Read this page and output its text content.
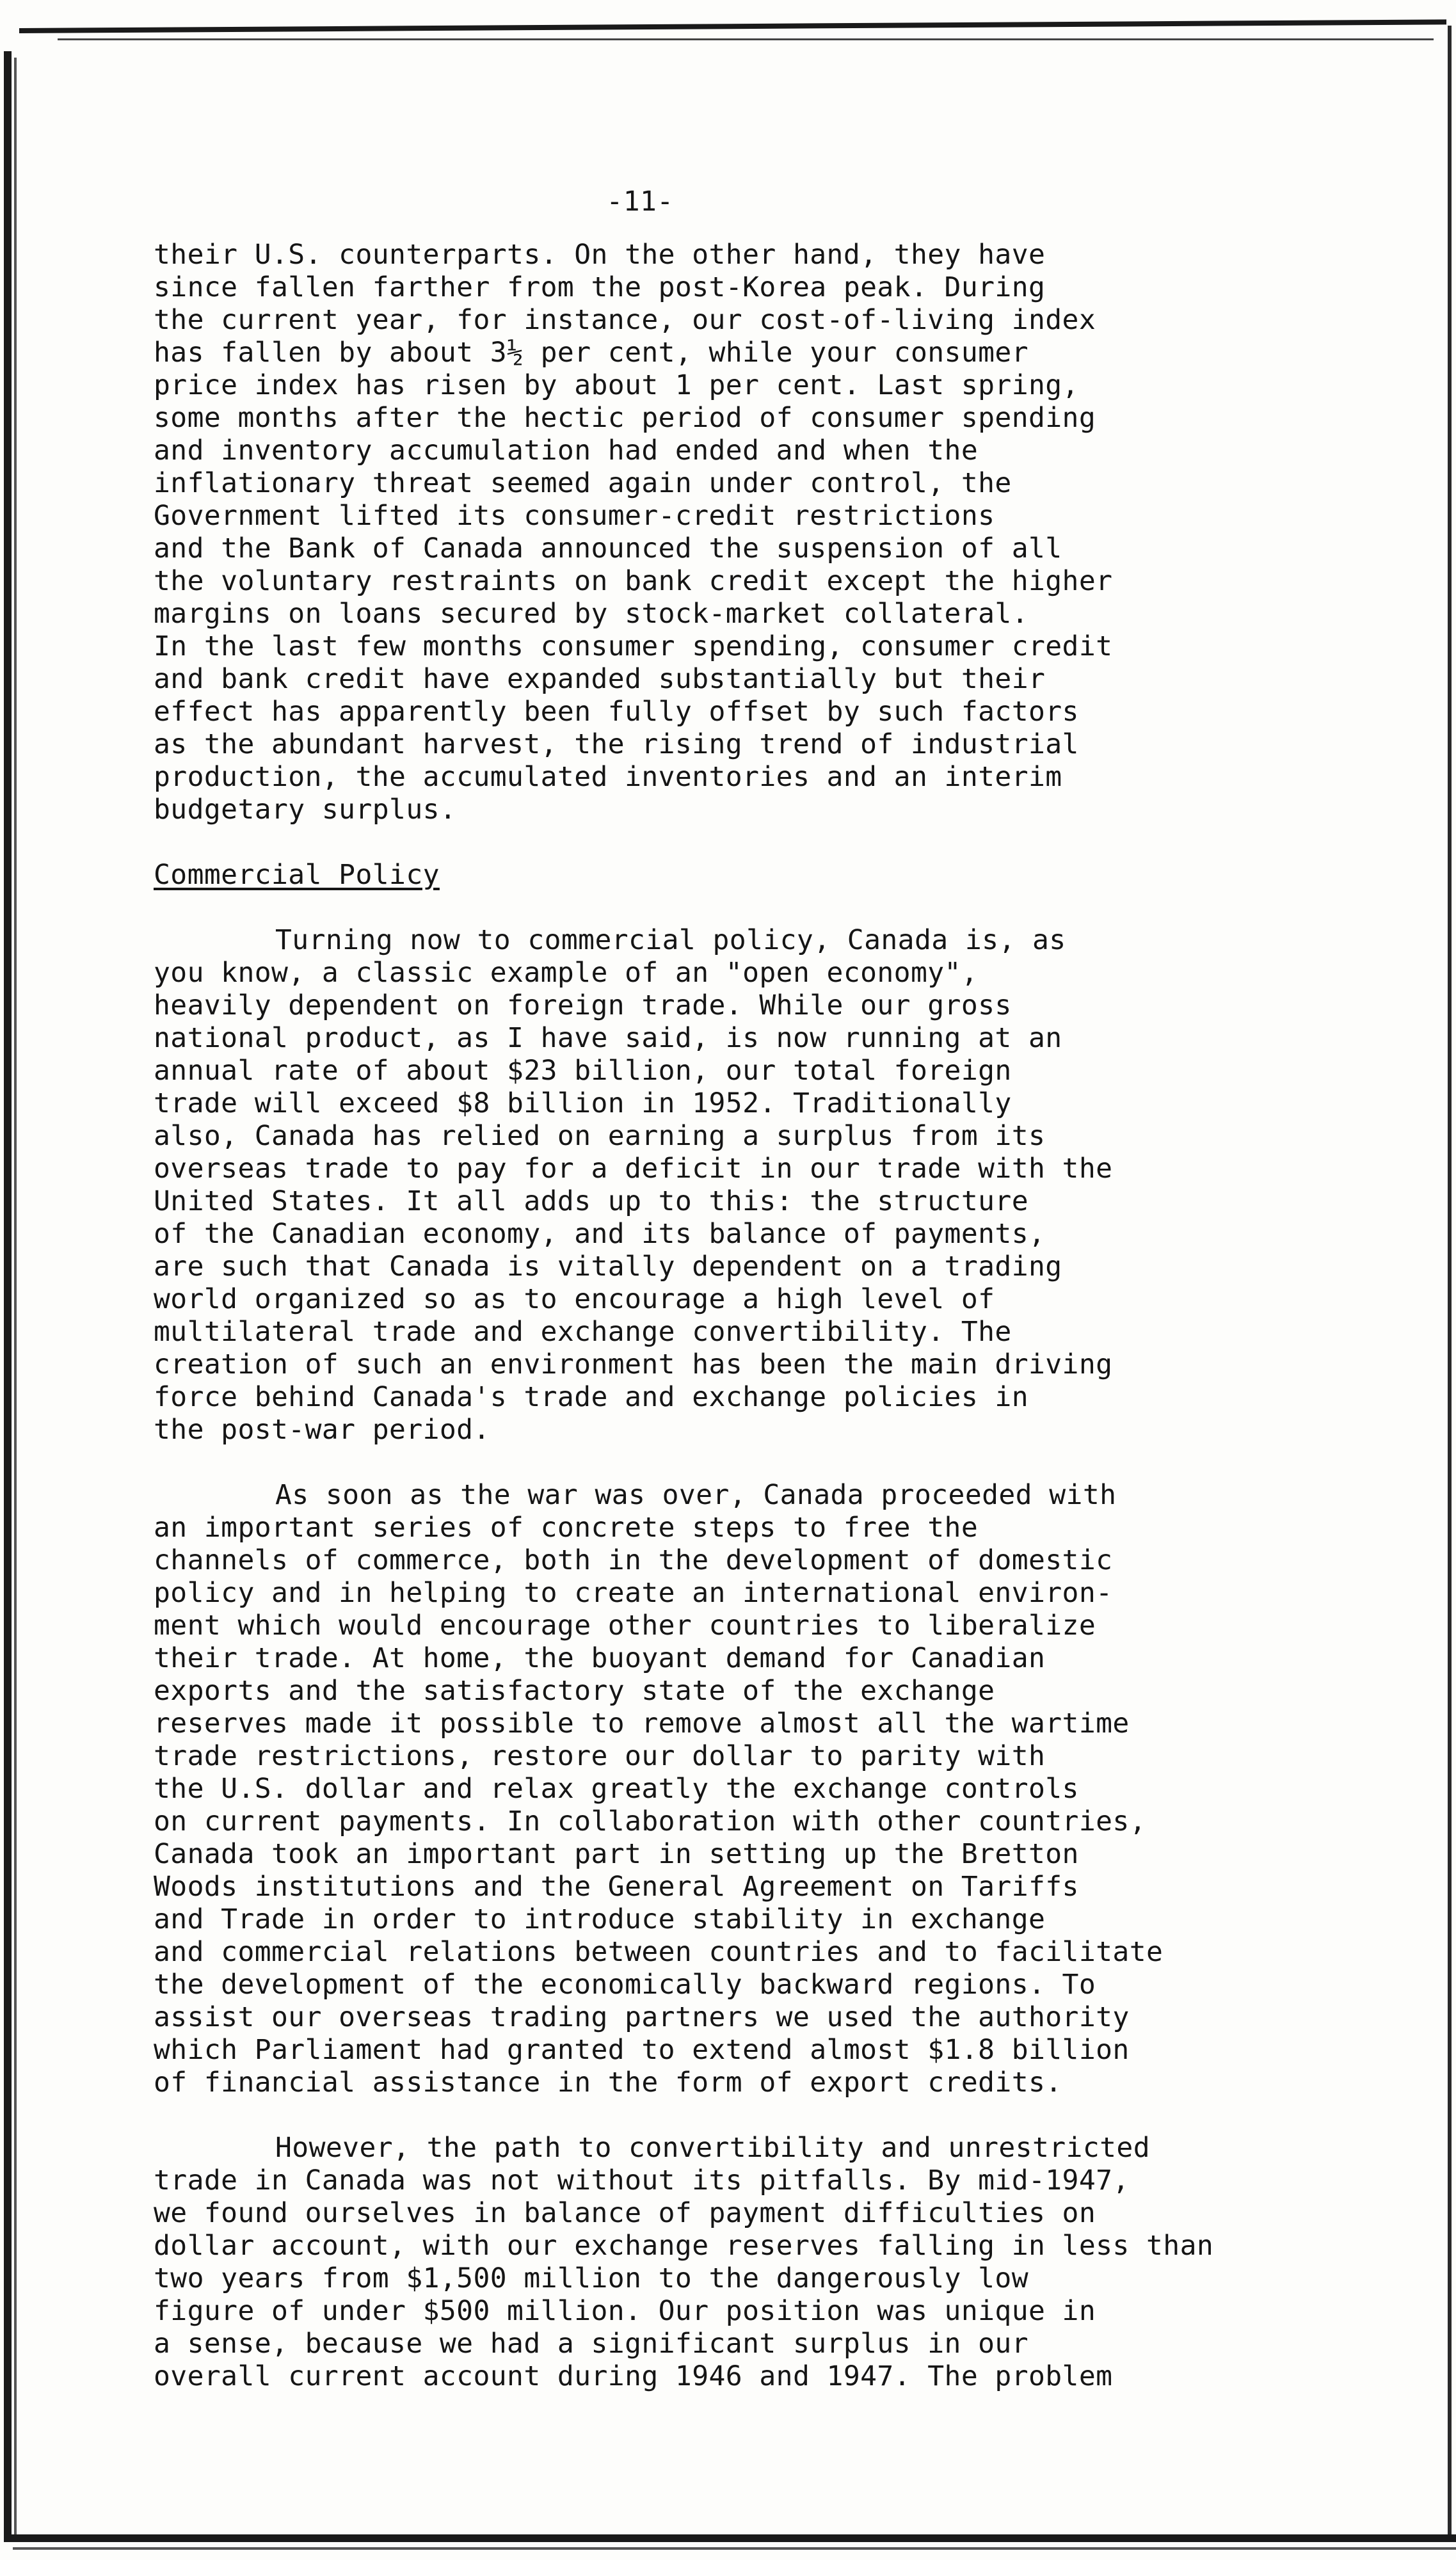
-11-

their U.S. counterparts. On the other hand, they have
since fallen farther from the post-Korea peak. During
the current year, for instance, our cost-of-living index
has fallen by about 3½ per cent, while your consumer
price index has risen by about 1 per cent. Last spring,
some months after the hectic period of consumer spending
and inventory accumulation had ended and when the
inflationary threat seemed again under control, the
Government lifted its consumer-credit restrictions
and the Bank of Canada announced the suspension of all
the voluntary restraints on bank credit except the higher
margins on loans secured by stock-market collateral.
In the last few months consumer spending, consumer credit
and bank credit have expanded substantially but their
effect has apparently been fully offset by such factors
as the abundant harvest, the rising trend of industrial
production, the accumulated inventories and an interim
budgetary surplus.

Commercial Policy

Turning now to commercial policy, Canada is, as
you know, a classic example of an "open economy",
heavily dependent on foreign trade. While our gross
national product, as I have said, is now running at an
annual rate of about $23 billion, our total foreign
trade will exceed $8 billion in 1952. Traditionally
also, Canada has relied on earning a surplus from its
overseas trade to pay for a deficit in our trade with the
United States. It all adds up to this: the structure
of the Canadian economy, and its balance of payments,
are such that Canada is vitally dependent on a trading
world organized so as to encourage a high level of
multilateral trade and exchange convertibility. The
creation of such an environment has been the main driving
force behind Canada's trade and exchange policies in
the post-war period.

As soon as the war was over, Canada proceeded with
an important series of concrete steps to free the
channels of commerce, both in the development of domestic
policy and in helping to create an international environ-
ment which would encourage other countries to liberalize
their trade. At home, the buoyant demand for Canadian
exports and the satisfactory state of the exchange
reserves made it possible to remove almost all the wartime
trade restrictions, restore our dollar to parity with
the U.S. dollar and relax greatly the exchange controls
on current payments. In collaboration with other countries,
Canada took an important part in setting up the Bretton
Woods institutions and the General Agreement on Tariffs
and Trade in order to introduce stability in exchange
and commercial relations between countries and to facilitate
the development of the economically backward regions. To
assist our overseas trading partners we used the authority
which Parliament had granted to extend almost $1.8 billion
of financial assistance in the form of export credits.

However, the path to convertibility and unrestricted
trade in Canada was not without its pitfalls. By mid-1947,
we found ourselves in balance of payment difficulties on
dollar account, with our exchange reserves falling in less than
two years from $1,500 million to the dangerously low
figure of under $500 million. Our position was unique in
a sense, because we had a significant surplus in our
overall current account during 1946 and 1947. The problem
